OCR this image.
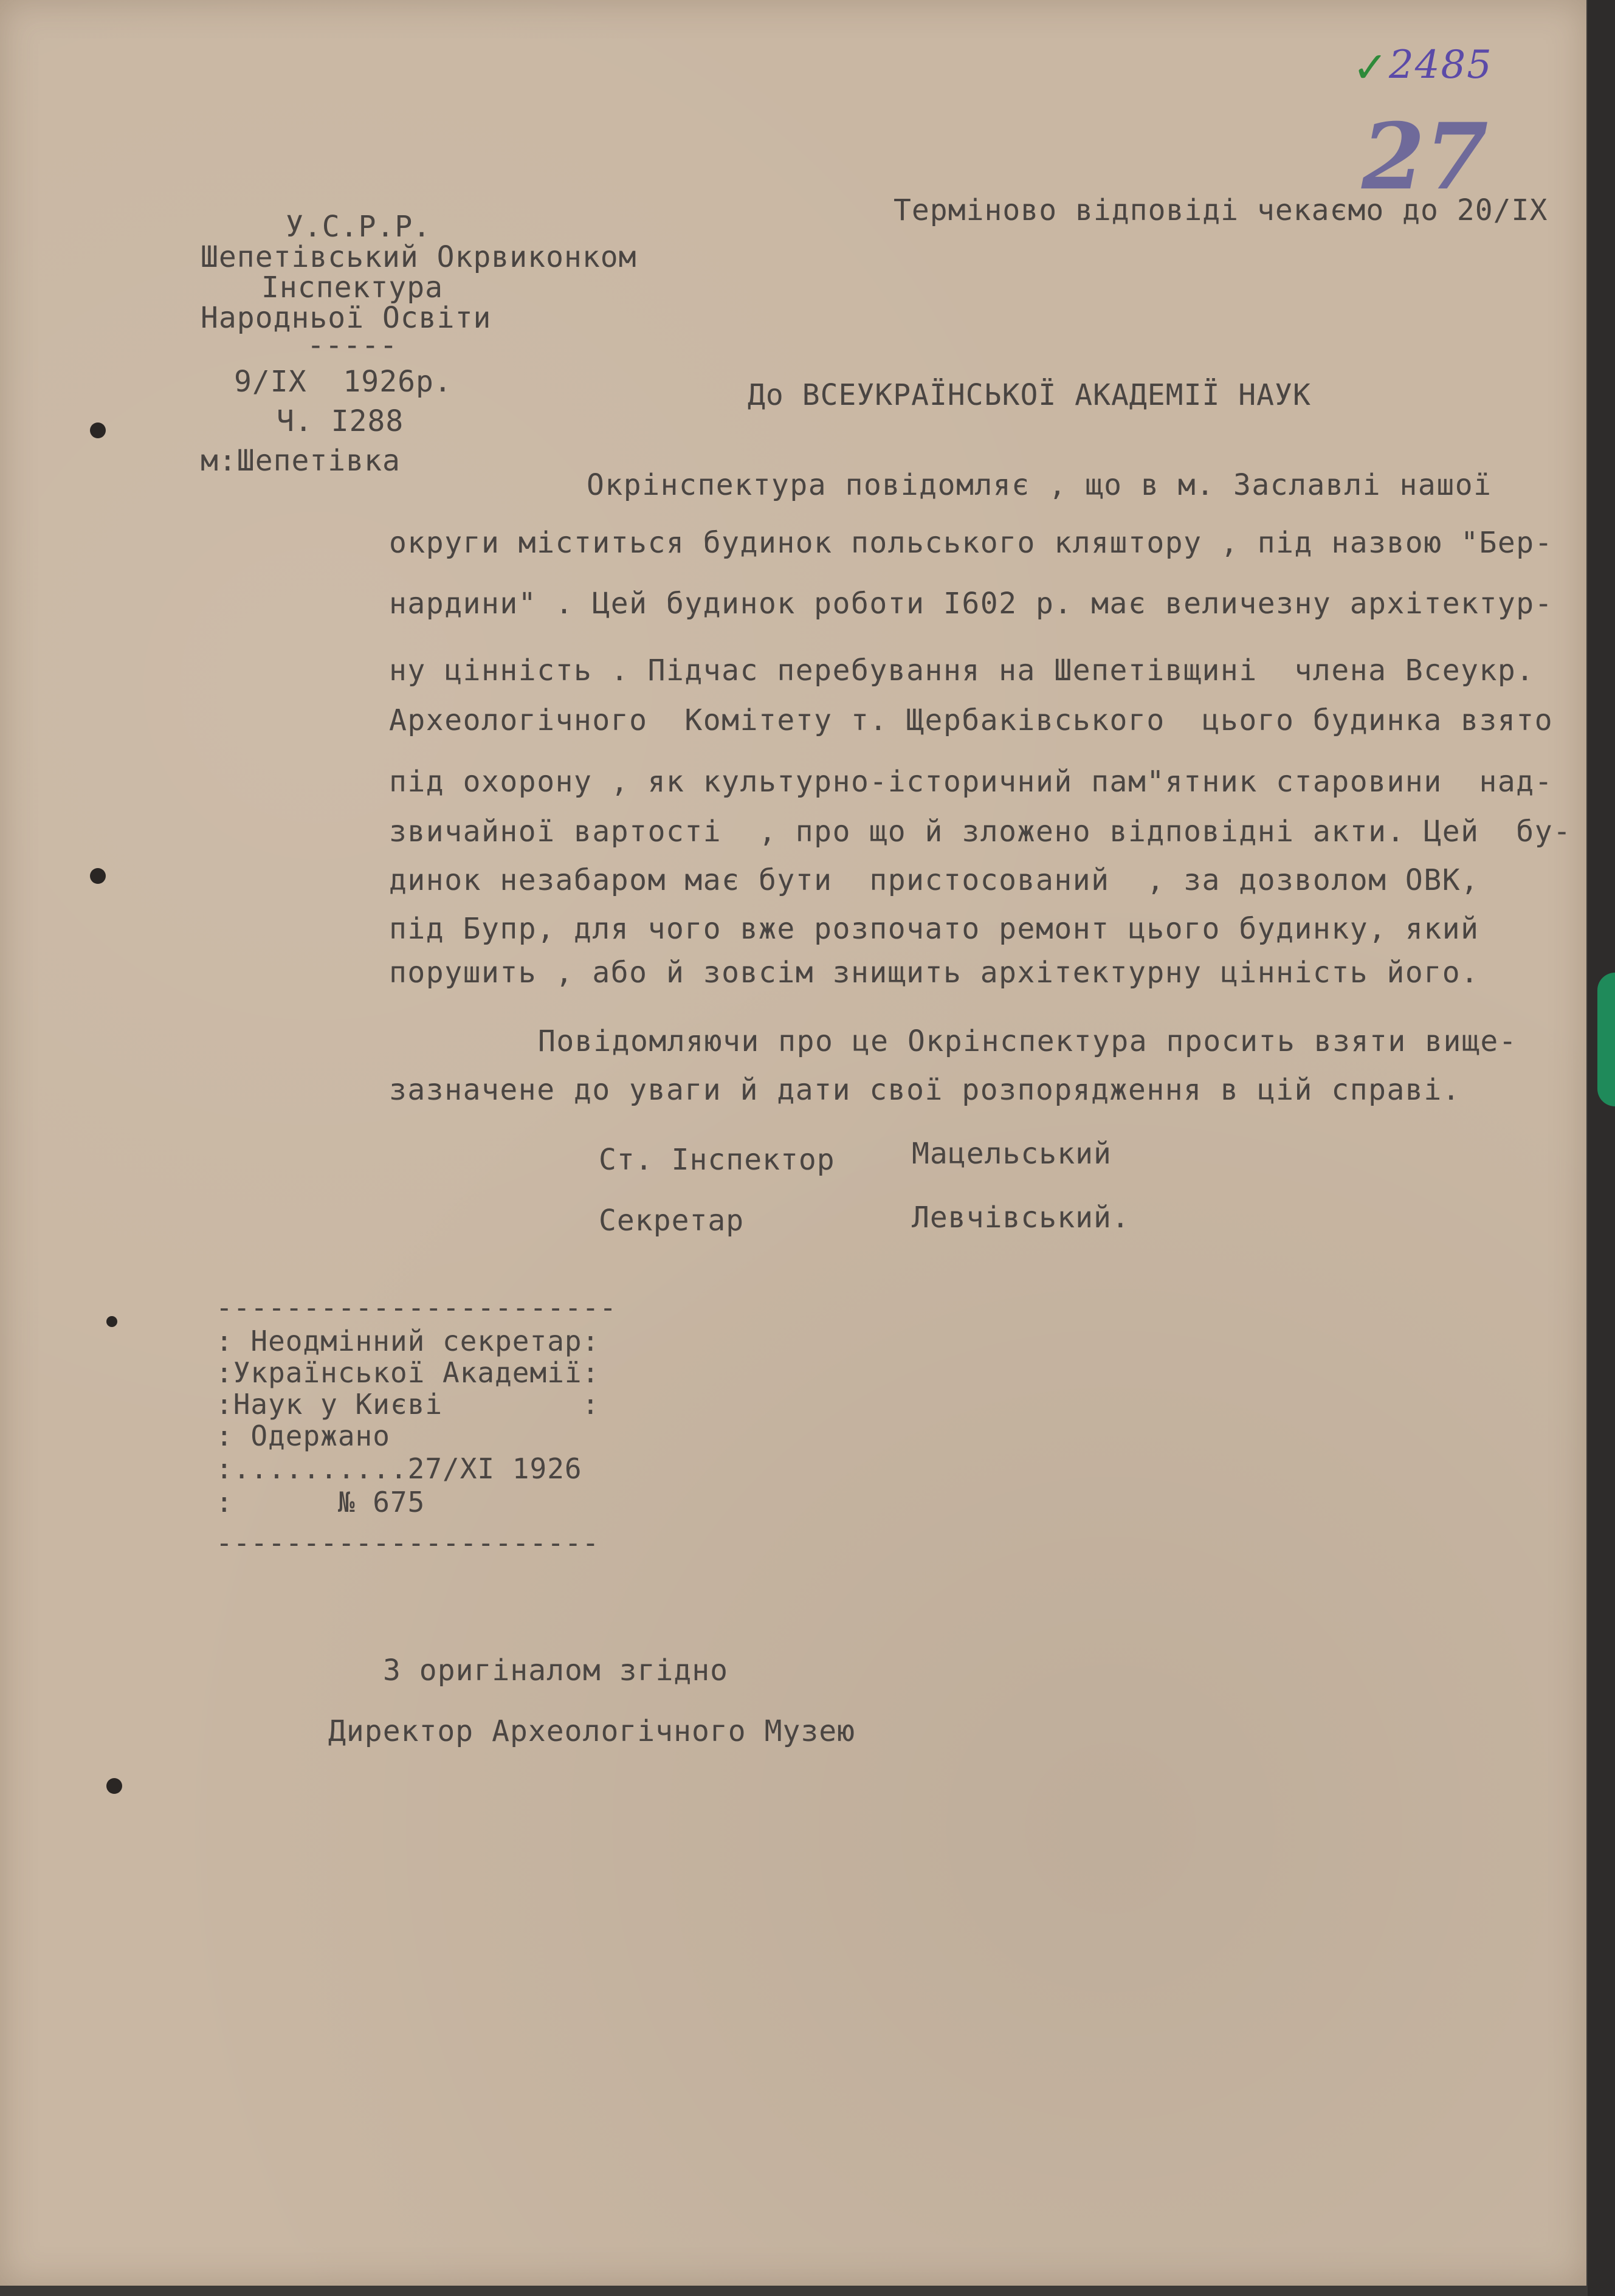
✓ 2485
27
Терміново відповіді чекаємо до 20/ІХ
У.С.Р.Р.
Шепетівський Окрвиконком
Інспектура
Народньої Освіти
-----
9/ІХ  1926р.
Ч. І288
м:Шепетівка
До ВСЕУКРАЇНСЬКОЇ АКАДЕМІЇ НАУК
Окрінспектура повідомляє , що в м. Заславлі нашої
округи міститься будинок польського кляштору , під назвою "Бер-
нардини" . Цей будинок роботи І602 р. має величезну архітектур-
ну цінність . Підчас перебування на Шепетівщині  члена Всеукр.
Археологічного  Комітету т. Щербаківського  цього будинка взято
під охорону , як культурно-історичний пам"ятник старовини  над-
звичайної вартості  , про що й зложено відповідні акти. Цей  бу-
динок незабаром має бути  пристосований  , за дозволом ОВК,
під Бупр, для чого вже розпочато ремонт цього будинку, який
порушить , або й зовсім знищить архітектурну цінність його.
Повідомляючи про це Окрінспектура просить взяти вище-
зазначене до уваги й дати свої розпорядження в цій справі.
Ст. Інспектор	Мацельський
Секретар	Левчівський.
-----------------------
: Неодмінний секретар:
:Української Академії:
:Наук у Києві        :
: Одержано
:..........27/ХІ 1926
:      № 675
----------------------
З оригіналом згідно
Директор Археологічного Музею
